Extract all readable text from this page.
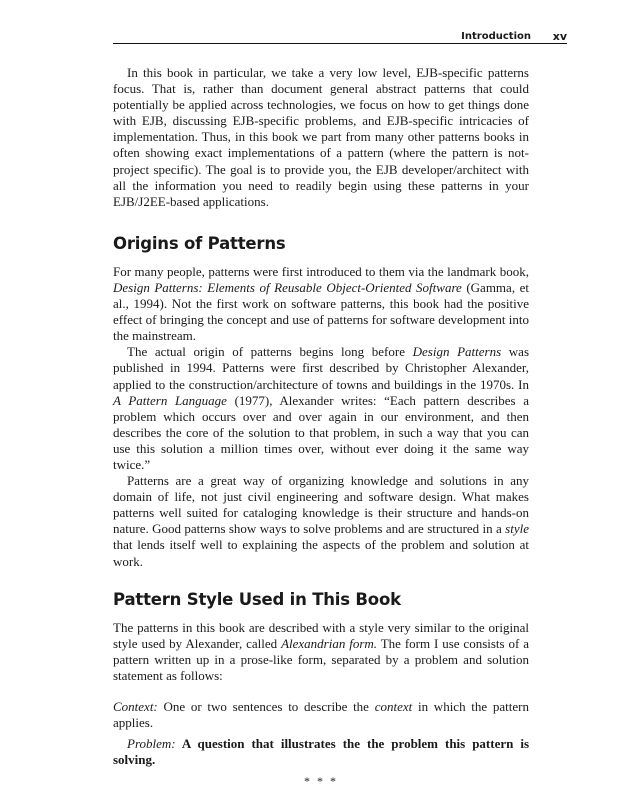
Introduction xv

In this book in particular, we take a very low level, EJB-specific patterns focus. That is, rather than document general abstract patterns that could potentially be applied across technologies, we focus on how to get things done with EJB, discussing EJB-specific problems, and EJB-specific intricacies of implementation. Thus, in this book we part from many other patterns books in often showing exact implementations of a pattern (where the pattern is not-project specific). The goal is to provide you, the EJB developer/architect with all the information you need to readily begin using these patterns in your EJB/J2EE-based applications.

Origins of Patterns

For many people, patterns were first introduced to them via the landmark book, Design Patterns: Elements of Reusable Object-Oriented Software (Gamma, et al., 1994). Not the first work on software patterns, this book had the positive effect of bringing the concept and use of patterns for software development into the mainstream.

The actual origin of patterns begins long before Design Patterns was published in 1994. Patterns were first described by Christopher Alexander, applied to the construction/architecture of towns and buildings in the 1970s. In A Pattern Language (1977), Alexander writes: “Each pattern describes a problem which occurs over and over again in our environment, and then describes the core of the solution to that problem, in such a way that you can use this solution a million times over, without ever doing it the same way twice.”

Patterns are a great way of organizing knowledge and solutions in any domain of life, not just civil engineering and software design. What makes patterns well suited for cataloging knowledge is their structure and hands-on nature. Good patterns show ways to solve problems and are structured in a style that lends itself well to explaining the aspects of the problem and solution at work.

Pattern Style Used in This Book

The patterns in this book are described with a style very similar to the original style used by Alexander, called Alexandrian form. The form I use consists of a pattern written up in a prose-like form, separated by a problem and solution statement as follows:

Context: One or two sentences to describe the context in which the pattern applies.

Problem: A question that illustrates the the problem this pattern is solving.

* * *
